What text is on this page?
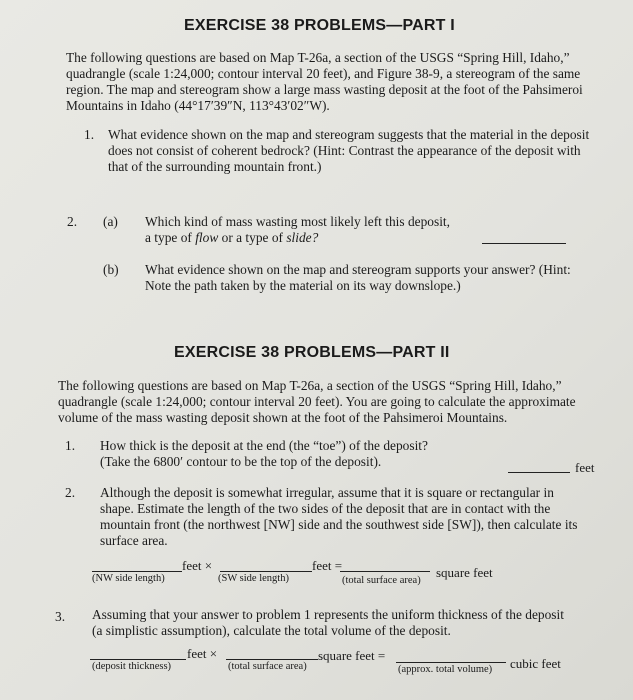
EXERCISE 38 PROBLEMS—PART I
The following questions are based on Map T-26a, a section of the USGS “Spring Hill, Idaho,”
quadrangle (scale 1:24,000; contour interval 20 feet), and Figure 38-9, a stereogram of the same
region. The map and stereogram show a large mass wasting deposit at the foot of the Pahsimeroi
Mountains in Idaho (44°17′39″N, 113°43′02″W).
1. What evidence shown on the map and stereogram suggests that the material in the deposit
does not consist of coherent bedrock? (Hint: Contrast the appearance of the deposit with
that of the surrounding mountain front.)
2. (a) Which kind of mass wasting most likely left this deposit,
a type of flow or a type of slide?
(b) What evidence shown on the map and stereogram supports your answer? (Hint:
Note the path taken by the material on its way downslope.)
EXERCISE 38 PROBLEMS—PART II
The following questions are based on Map T-26a, a section of the USGS “Spring Hill, Idaho,”
quadrangle (scale 1:24,000; contour interval 20 feet). You are going to calculate the approximate
volume of the mass wasting deposit shown at the foot of the Pahsimeroi Mountains.
1. How thick is the deposit at the end (the “toe”) of the deposit?
(Take the 6800′ contour to be the top of the deposit).	feet
2. Although the deposit is somewhat irregular, assume that it is square or rectangular in
shape. Estimate the length of the two sides of the deposit that are in contact with the
mountain front (the northwest [NW] side and the southwest side [SW]), then calculate its
surface area.
feet ×	feet =	square feet
(NW side length)	(SW side length)	(total surface area)
3. Assuming that your answer to problem 1 represents the uniform thickness of the deposit
(a simplistic assumption), calculate the total volume of the deposit.
feet ×	square feet =
cubic feet
(deposit thickness)	(total surface area)	(approx. total volume)
